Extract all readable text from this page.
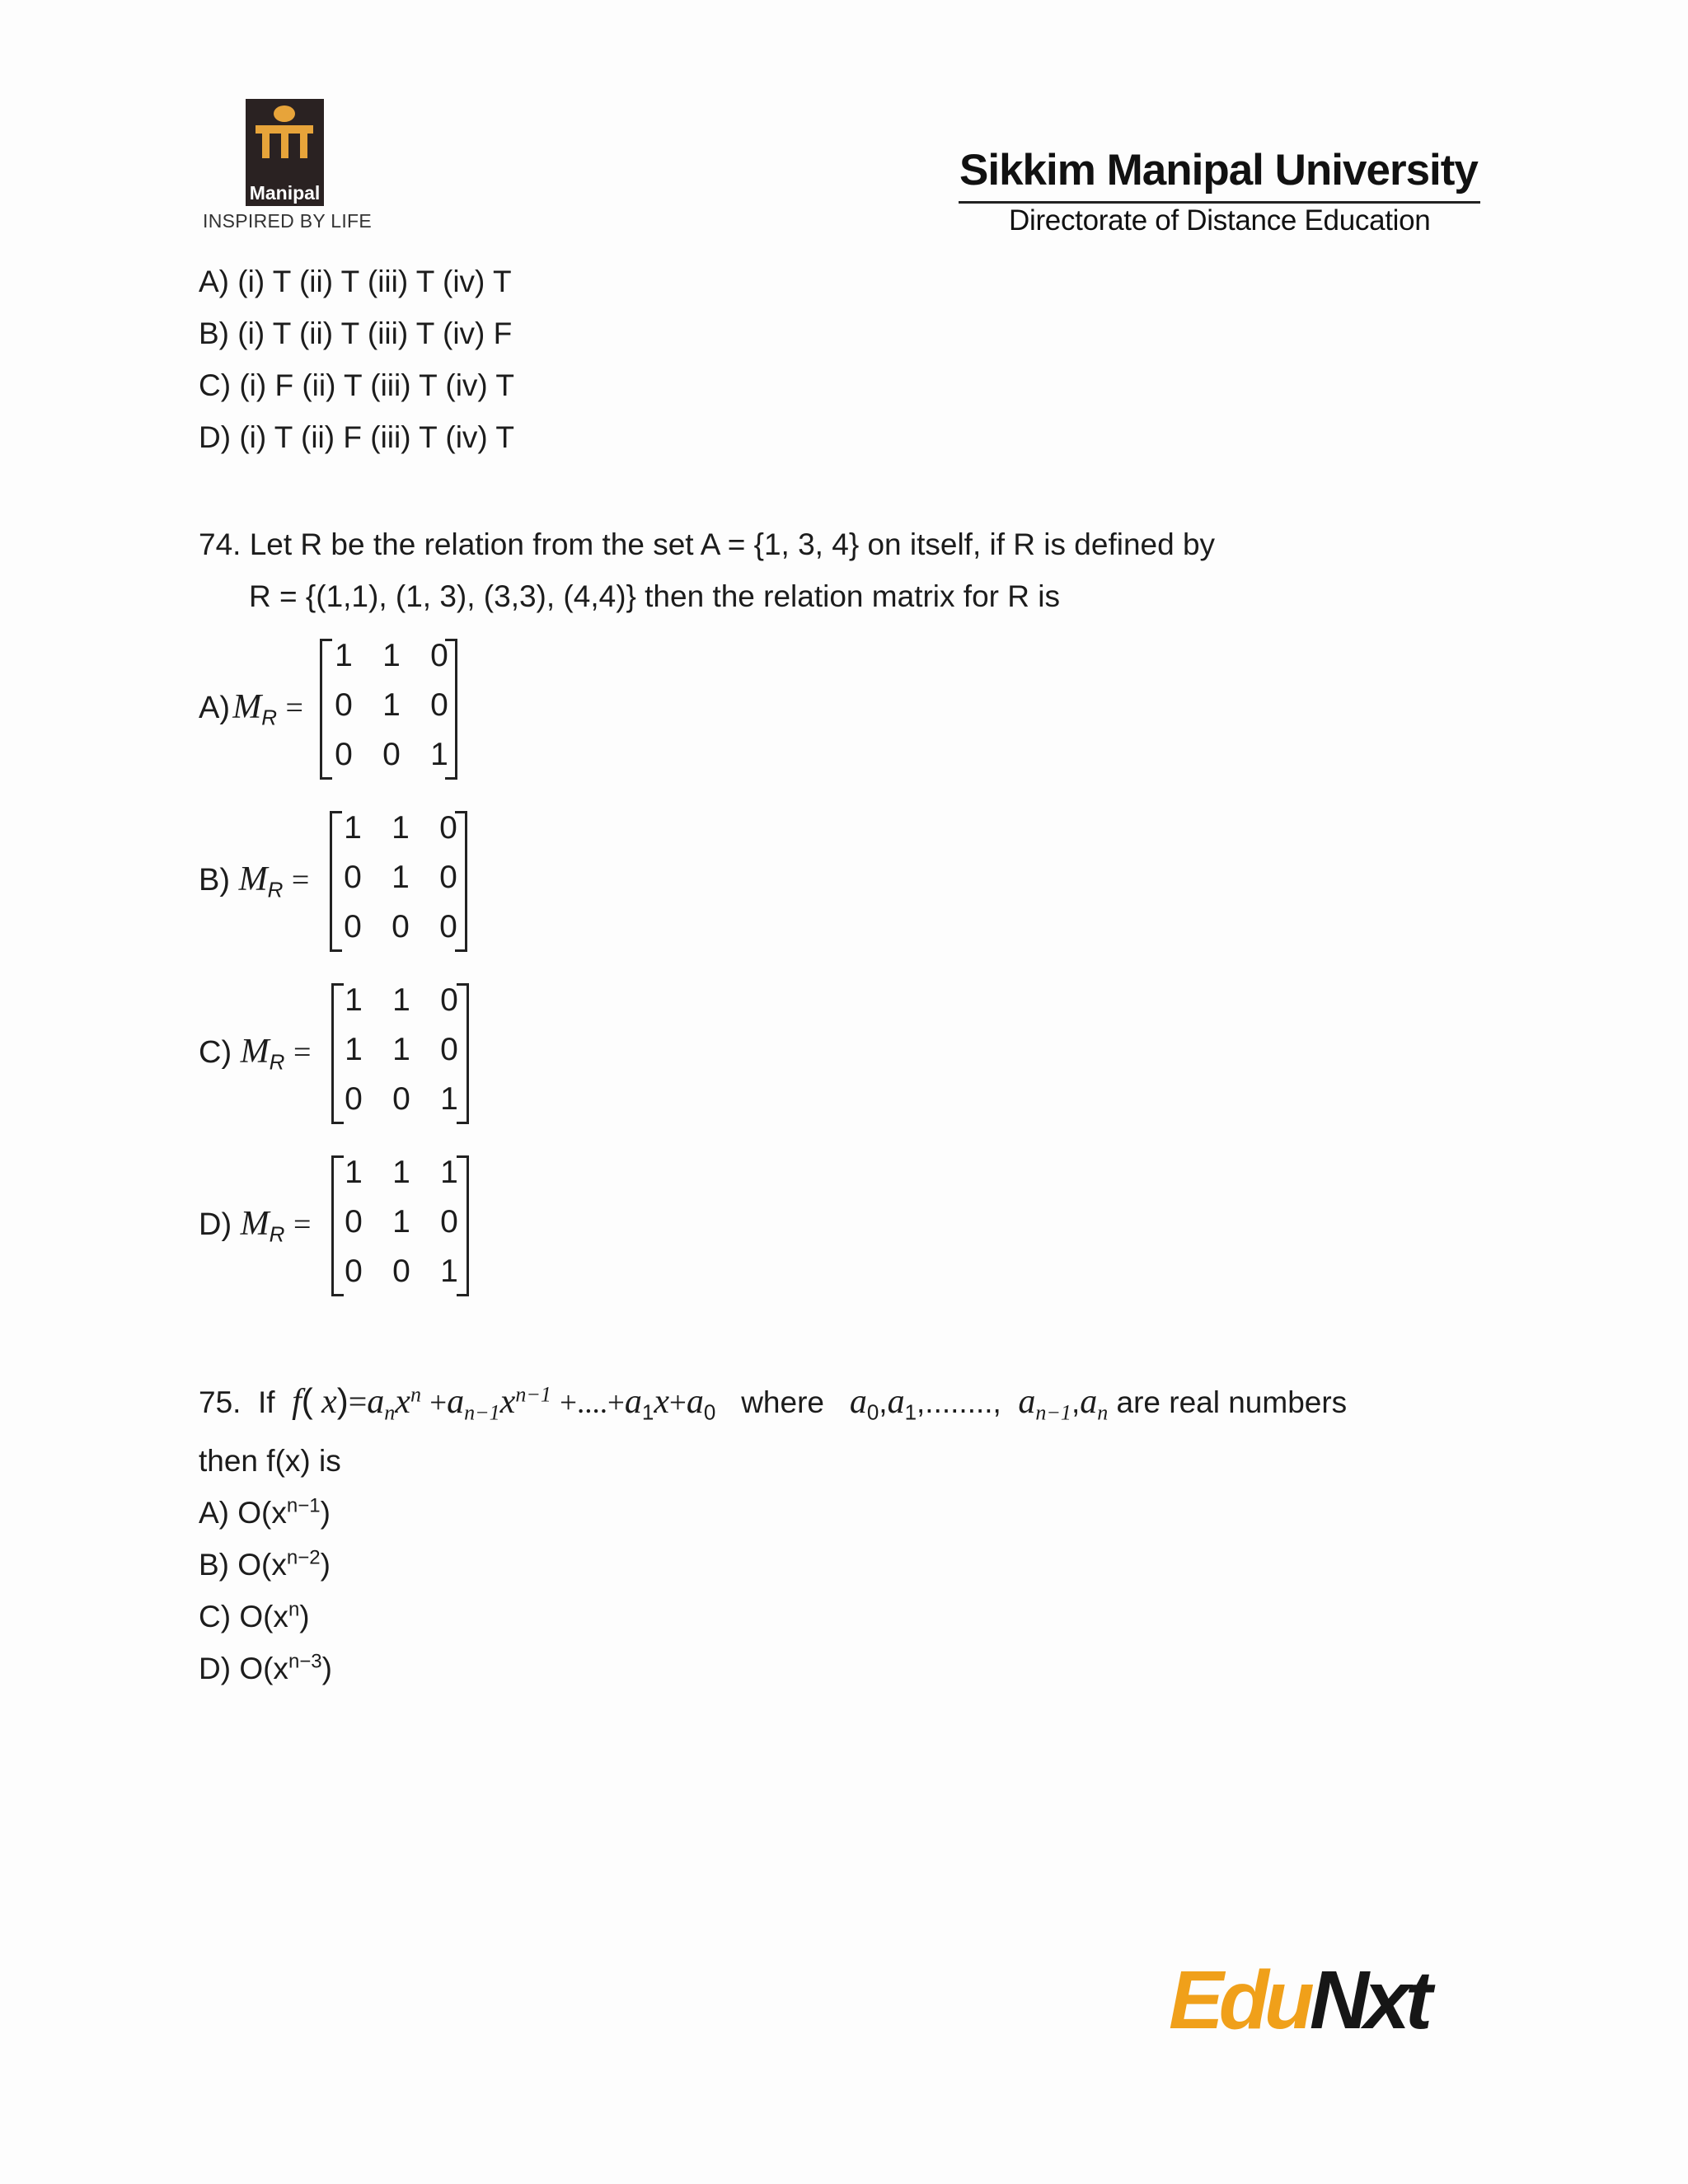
Manipal
INSPIRED BY LIFE
Sikkim Manipal University
Directorate of Distance Education
A) (i) T (ii) T (iii) T (iv) T
B) (i) T (ii) T (iii) T (iv) F
C) (i) F (ii) T (iii) T (iv) T
D) (i) T (ii) F (iii) T (iv) T
74. Let R be the relation from the set A = {1, 3, 4} on itself, if R is defined by
R = {(1,1), (1, 3), (3,3), (4,4)} then the relation matrix for R is
A) $M_R$ =
1 1 0
0 1 0
0 0 1
B) $M_R$ =
1 1 0
0 1 0
0 0 0
C) $M_R$ =
1 1 0
1 1 0
0 0 1
D) $M_R$ =
1 1 1
0 1 0
0 0 1
75. If f( $x)=a_nx^n +a_{n-1}x^{n-1} +....+a_1x+a_0$ where $a_0,a_1$,........,  $a_{n-1},a_n$ are real numbers
then f(x) is
A) $O(x^{n-1})$
B) $O(x^{n-2})$
C) $O(x^n)$
D) $O(x^{n-3})$
EduNxt
